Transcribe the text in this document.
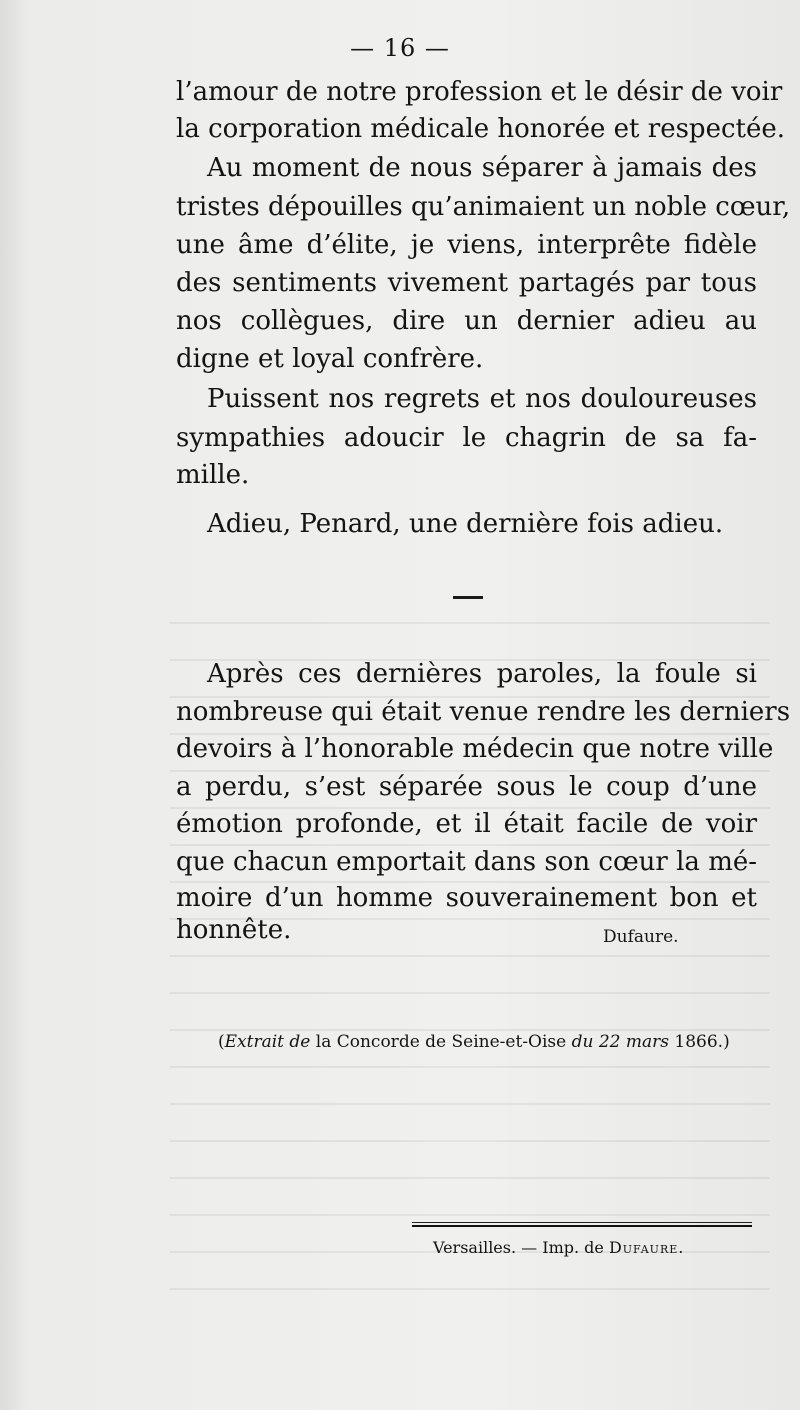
— 16 —
l’amour de notre profession et le désir de voir
la corporation médicale honorée et respectée.
Au moment de nous séparer à jamais des
tristes dépouilles qu’animaient un noble cœur,
une âme d’élite, je viens, interprête fidèle
des sentiments vivement partagés par tous
nos collègues, dire un dernier adieu au
digne et loyal confrère.
Puissent nos regrets et nos douloureuses
sympathies adoucir le chagrin de sa fa-
mille.
Adieu, Penard, une dernière fois adieu.
Après ces dernières paroles, la foule si
nombreuse qui était venue rendre les derniers
devoirs à l’honorable médecin que notre ville
a perdu, s’est séparée sous le coup d’une
émotion profonde, et il était facile de voir
que chacun emportait dans son cœur la mé-
moire d’un homme souverainement bon et
honnête.	Dufaure.
(Extrait de la Concorde de Seine-et-Oise du 22 mars 1866.)
Versailles. — Imp. de Dufaure.
